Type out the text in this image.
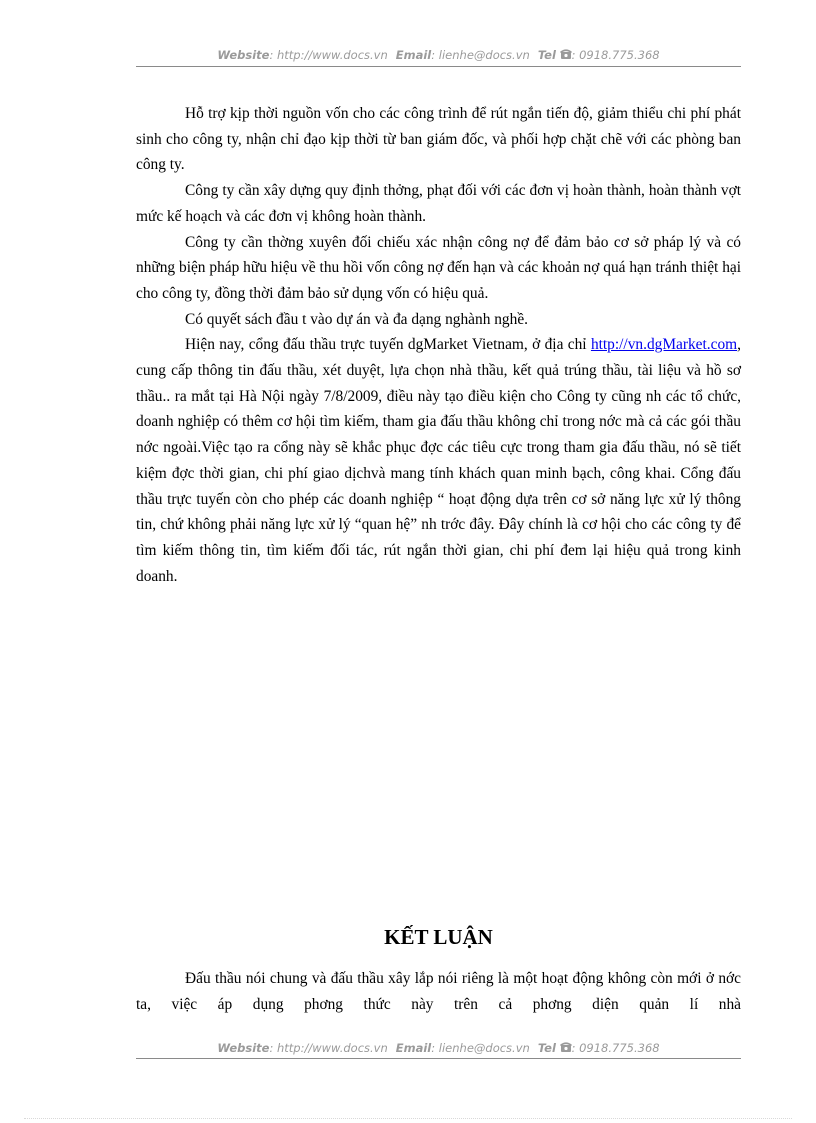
Website: http://www.docs.vn Email: lienhe@docs.vn Tel : 0918.775.368

Hỗ trợ kịp thời nguồn vốn cho các công trình để rút ngắn tiến độ, giảm thiểu chi phí phát sinh cho công ty, nhận chỉ đạo kịp thời từ ban giám đốc, và phối hợp chặt chẽ với các phòng ban công ty.

Công ty cần xây dựng quy định thởng, phạt đối với các đơn vị hoàn thành, hoàn thành vợt mức kế hoạch và các đơn vị không hoàn thành.

Công ty cần thờng xuyên đối chiếu xác nhận công nợ để đảm bảo cơ sở pháp lý và có những biện pháp hữu hiệu về thu hồi vốn công nợ đến hạn và các khoản nợ quá hạn tránh thiệt hại cho công ty, đồng thời đảm bảo sử dụng vốn có hiệu quả.

Có quyết sách đầu t vào dự án và đa dạng nghành nghề.

Hiện nay, cổng đấu thầu trực tuyến dgMarket Vietnam, ở địa chỉ http://vn.dgMarket.com, cung cấp thông tin đấu thầu, xét duyệt, lựa chọn nhà thầu, kết quả trúng thầu, tài liệu và hồ sơ thầu.. ra mắt tại Hà Nội ngày 7/8/2009, điều này tạo điều kiện cho Công ty cũng nh các tổ chức, doanh nghiệp có thêm cơ hội tìm kiếm, tham gia đấu thầu không chỉ trong nớc mà cả các gói thầu nớc ngoài.Việc tạo ra cổng này sẽ khắc phục đợc các tiêu cực trong tham gia đấu thầu, nó sẽ tiết kiệm đợc thời gian, chi phí giao dịchvà mang tính khách quan minh bạch, công khai. Cổng đấu thầu trực tuyến còn cho phép các doanh nghiệp “ hoạt động dựa trên cơ sở năng lực xử lý thông tin, chứ không phải năng lực xử lý “quan hệ” nh trớc đây. Đây chính là cơ hội cho các công ty để tìm kiếm thông tin, tìm kiếm đối tác, rút ngắn thời gian, chi phí đem lại hiệu quả trong kinh doanh.

KẾT LUẬN

Đấu thầu nói chung và đấu thầu xây lắp nói riêng là một hoạt động không còn mới ở nớc ta, việc áp dụng phơng thức này trên cả phơng diện quản lí nhà

Website: http://www.docs.vn Email: lienhe@docs.vn Tel : 0918.775.368
